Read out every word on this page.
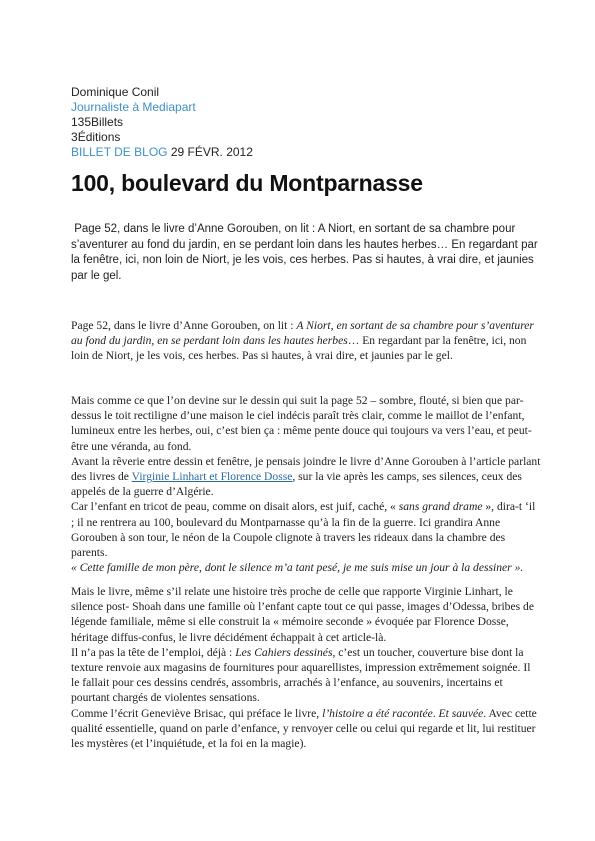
Dominique Conil
Journaliste à Mediapart
135Billets
3Éditions
BILLET DE BLOG 29 FÉVR. 2012
100, boulevard du Montparnasse
Page 52, dans le livre d’Anne Gorouben, on lit : A Niort, en sortant de sa chambre pour s’aventurer au fond du jardin, en se perdant loin dans les hautes herbes… En regardant par la fenêtre, ici, non loin de Niort, je les vois, ces herbes. Pas si hautes, à vrai dire, et jaunies par le gel.

Page 52, dans le livre d’Anne Gorouben, on lit : A Niort, en sortant de sa chambre pour s’aventurer au fond du jardin, en se perdant loin dans les hautes herbes… En regardant par la fenêtre, ici, non loin de Niort, je les vois, ces herbes. Pas si hautes, à vrai dire, et jaunies par le gel.

Mais comme ce que l’on devine sur le dessin qui suit la page 52 – sombre, flouté, si bien que par-dessus le toit rectiligne d’une maison le ciel indécis paraît très clair, comme le maillot de l’enfant, lumineux entre les herbes, oui, c’est bien ça : même pente douce qui toujours va vers l’eau, et peut-être une véranda, au fond.

Avant la rêverie entre dessin et fenêtre, je pensais joindre le livre d’Anne Gorouben à l’article parlant des livres de Virginie Linhart et Florence Dosse, sur la vie après les camps, ses silences, ceux des appelés de la guerre d’Algérie.

Car l’enfant en tricot de peau, comme on disait alors, est juif, caché, « sans grand drame », dira-t ‘il ; il ne rentrera au 100, boulevard du Montparnasse qu’à la fin de la guerre. Ici grandira Anne Gorouben à son tour, le néon de la Coupole clignote à travers les rideaux dans la chambre des parents.

« Cette famille de mon père, dont le silence m’a tant pesé, je me suis mise un jour à la dessiner ».

Mais le livre, même s’il relate une histoire très proche de celle que rapporte Virginie Linhart, le silence post- Shoah dans une famille où l’enfant capte tout ce qui passe, images d’Odessa, bribes de légende familiale, même si elle construit la « mémoire seconde » évoquée par Florence Dosse, héritage diffus-confus, le livre décidément échappait à cet article-là.

Il n’a pas la tête de l’emploi, déjà : Les Cahiers dessinés, c’est un toucher, couverture bise dont la texture renvoie aux magasins de fournitures pour aquarellistes, impression extrêmement soignée. Il le fallait pour ces dessins cendrés, assombris, arrachés à l’enfance, au souvenirs, incertains et pourtant chargés de violentes sensations.

Comme l’écrit Geneviève Brisac, qui préface le livre, l’histoire a été racontée. Et sauvée. Avec cette qualité essentielle, quand on parle d’enfance, y renvoyer celle ou celui qui regarde et lit, lui restituer les mystères (et l’inquiétude, et la foi en la magie).
